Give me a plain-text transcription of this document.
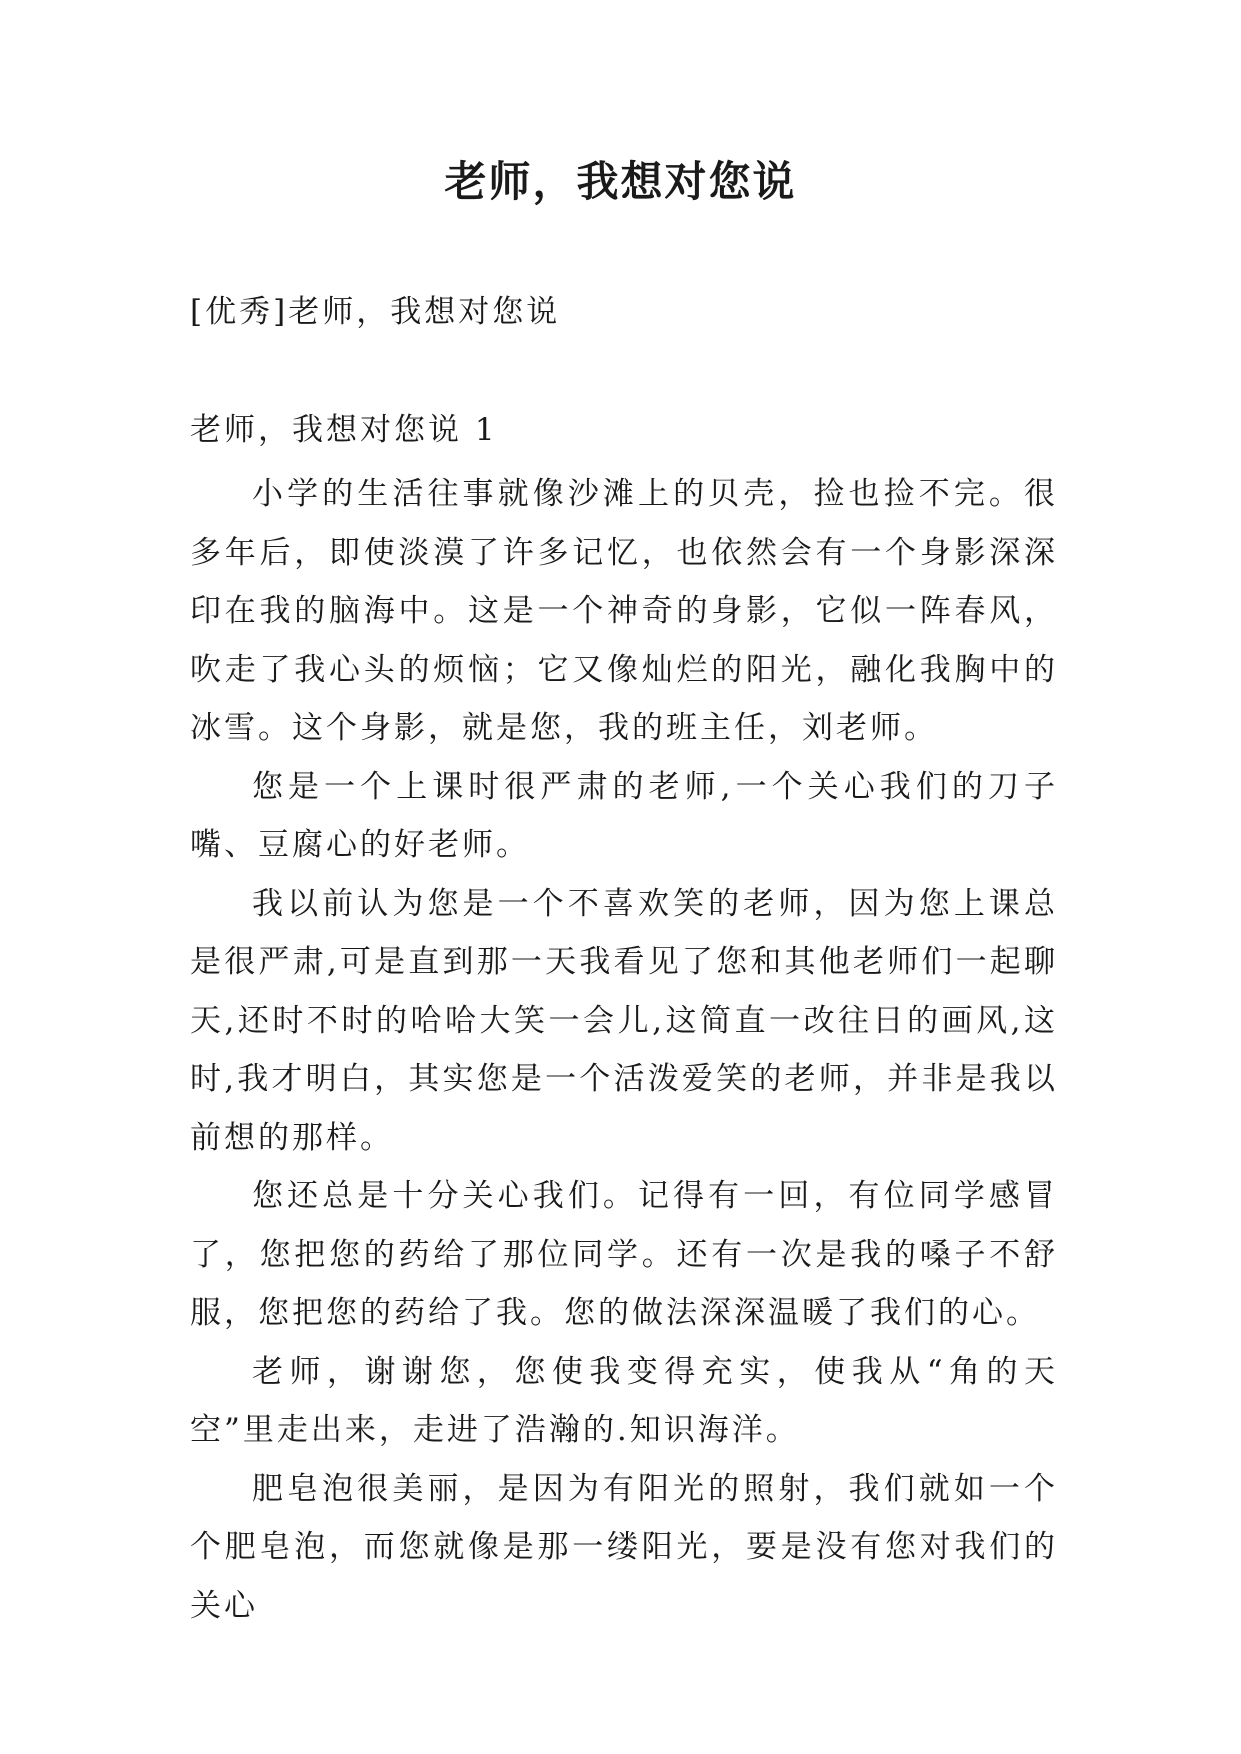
老师，我想对您说

[优秀]老师，我想对您说

老师，我想对您说 1

小学的生活往事就像沙滩上的贝壳，捡也捡不完。很多年后，即使淡漠了许多记忆，也依然会有一个身影深深印在我的脑海中。这是一个神奇的身影，它似一阵春风，吹走了我心头的烦恼；它又像灿烂的阳光，融化我胸中的冰雪。这个身影，就是您，我的班主任，刘老师。

您是一个上课时很严肃的老师,一个关心我们的刀子嘴、豆腐心的好老师。

我以前认为您是一个不喜欢笑的老师，因为您上课总是很严肃,可是直到那一天我看见了您和其他老师们一起聊天,还时不时的哈哈大笑一会儿,这简直一改往日的画风,这时,我才明白，其实您是一个活泼爱笑的老师，并非是我以前想的那样。

您还总是十分关心我们。记得有一回，有位同学感冒了，您把您的药给了那位同学。还有一次是我的嗓子不舒服，您把您的药给了我。您的做法深深温暖了我们的心。

老师，谢谢您，您使我变得充实，使我从“角的天空”里走出来，走进了浩瀚的.知识海洋。

肥皂泡很美丽，是因为有阳光的照射，我们就如一个个肥皂泡，而您就像是那一缕阳光，要是没有您对我们的关心
